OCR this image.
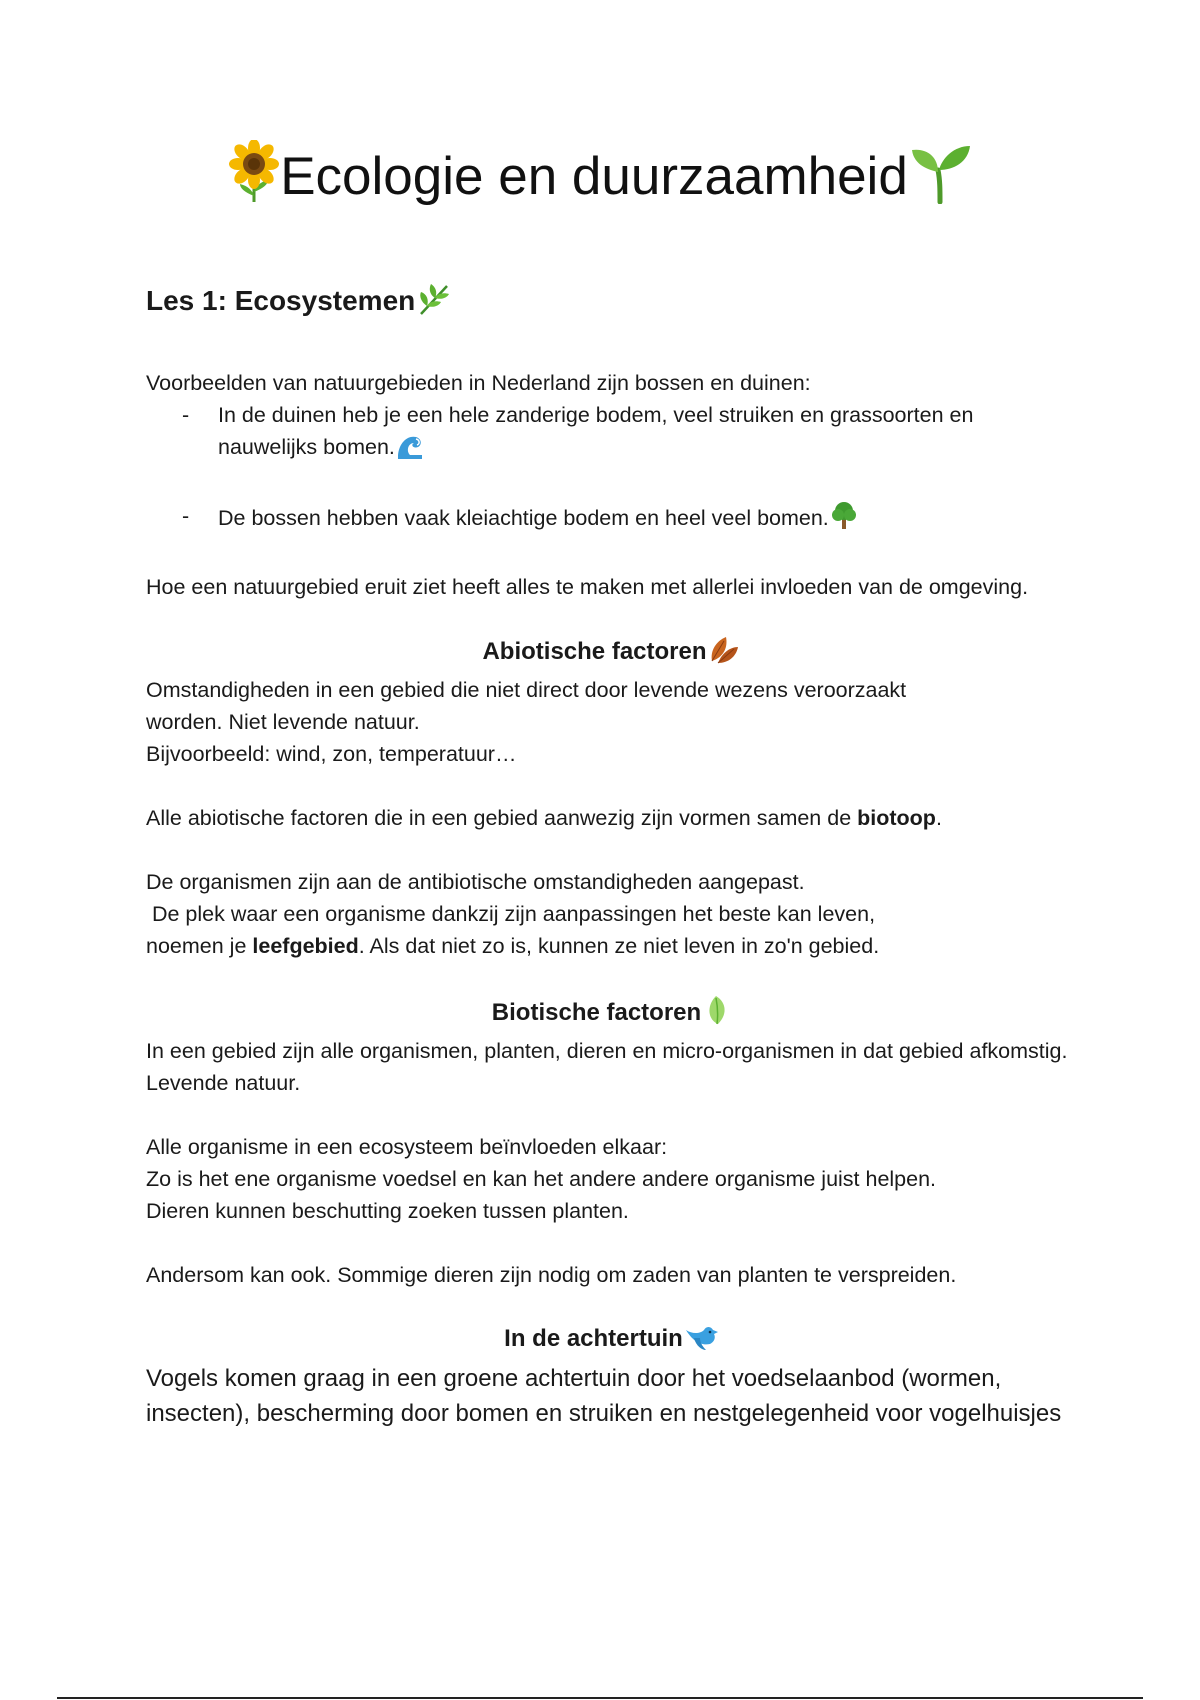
Ecologie en duurzaamheid
Les 1: Ecosystemen

Voorbeelden van natuurgebieden in Nederland zijn bossen en duinen:

- In de duinen heb je een hele zanderige bodem, veel struiken en grassoorten en nauwelijks bomen.
- De bossen hebben vaak kleiachtige bodem en heel veel bomen.

Hoe een natuurgebied eruit ziet heeft alles te maken met allerlei invloeden van de omgeving.

Abiotische factoren

Omstandigheden in een gebied die niet direct door levende wezens veroorzaakt

worden. Niet levende natuur.

Bijvoorbeeld: wind, zon, temperatuur…

Alle abiotische factoren die in een gebied aanwezig zijn vormen samen de biotoop.

De organismen zijn aan de antibiotische omstandigheden aangepast.

De plek waar een organisme dankzij zijn aanpassingen het beste kan leven,

noemen je leefgebied. Als dat niet zo is, kunnen ze niet leven in zo'n gebied.

Biotische factoren

In een gebied zijn alle organismen, planten, dieren en micro-organismen in dat gebied afkomstig. Levende natuur.

Alle organisme in een ecosysteem beïnvloeden elkaar:

Zo is het ene organisme voedsel en kan het andere andere organisme juist helpen.

Dieren kunnen beschutting zoeken tussen planten.

Andersom kan ook. Sommige dieren zijn nodig om zaden van planten te verspreiden.

In de achtertuin

Vogels komen graag in een groene achtertuin door het voedselaanbod (wormen, insecten), bescherming door bomen en struiken en nestgelegenheid voor vogelhuisjes
